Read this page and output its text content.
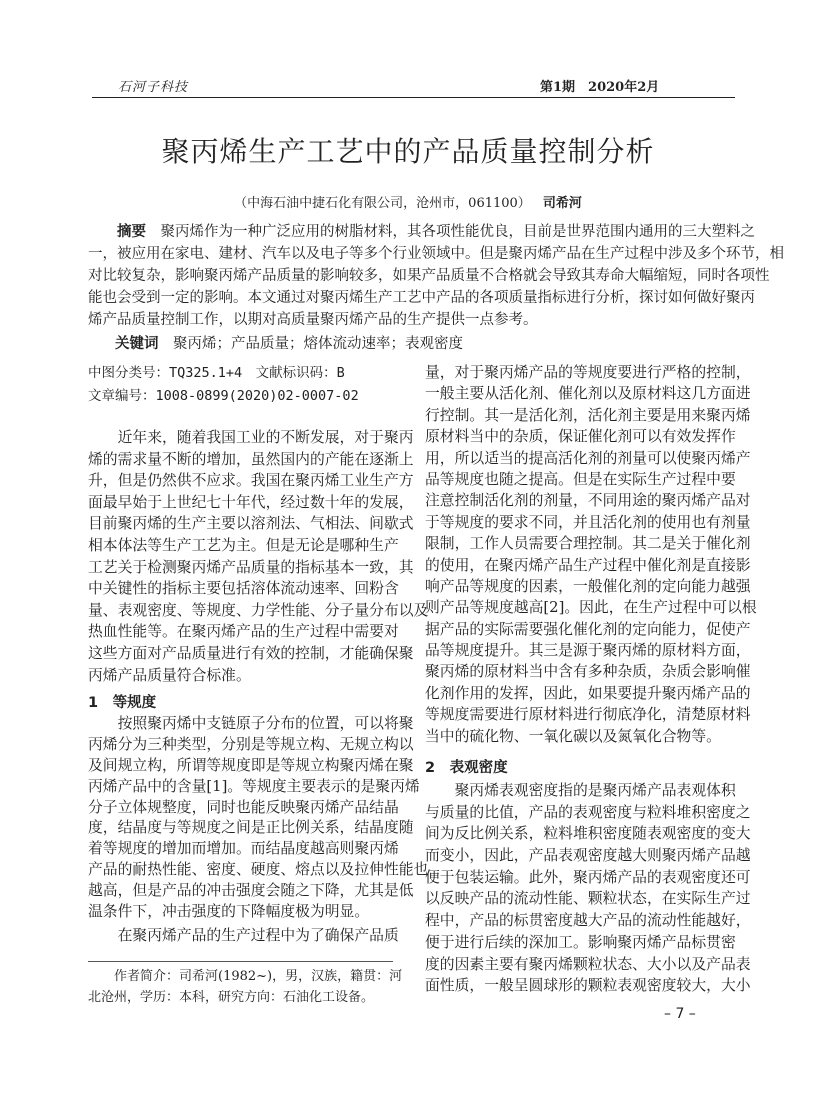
石河子科技	第1期　2020年2月
聚丙烯生产工艺中的产品质量控制分析
（中海石油中捷石化有限公司，沧州市，061100） 司希河
摘要 聚丙烯作为一种广泛应用的树脂材料，其各项性能优良，目前是世界范围内通用的三大塑料之
一，被应用在家电、建材、汽车以及电子等多个行业领域中。但是聚丙烯产品在生产过程中涉及多个环节，相
对比较复杂，影响聚丙烯产品质量的影响较多，如果产品质量不合格就会导致其寿命大幅缩短，同时各项性
能也会受到一定的影响。本文通过对聚丙烯生产工艺中产品的各项质量指标进行分析，探讨如何做好聚丙
烯产品质量控制工作，以期对高质量聚丙烯产品的生产提供一点参考。
关键词 聚丙烯；产品质量；熔体流动速率；表观密度
中图分类号：TQ325.1+4　文献标识码：B
文章编号：1008-0899(2020)02-0007-02
近年来，随着我国工业的不断发展，对于聚丙
烯的需求量不断的增加，虽然国内的产能在逐渐上
升，但是仍然供不应求。我国在聚丙烯工业生产方
面最早始于上世纪七十年代，经过数十年的发展，
目前聚丙烯的生产主要以溶剂法、气相法、间歇式
相本体法等生产工艺为主。但是无论是哪种生产
工艺关于检测聚丙烯产品质量的指标基本一致，其
中关键性的指标主要包括溶体流动速率、回粉含
量、表观密度、等规度、力学性能、分子量分布以及
热血性能等。在聚丙烯产品的生产过程中需要对
这些方面对产品质量进行有效的控制，才能确保聚
丙烯产品质量符合标准。
1　等规度
按照聚丙烯中支链原子分布的位置，可以将聚
丙烯分为三种类型，分别是等规立构、无规立构以
及间规立构，所谓等规度即是等规立构聚丙烯在聚
丙烯产品中的含量[1]。等规度主要表示的是聚丙烯
分子立体规整度，同时也能反映聚丙烯产品结晶
度，结晶度与等规度之间是正比例关系，结晶度随
着等规度的增加而增加。而结晶度越高则聚丙烯
产品的耐热性能、密度、硬度、熔点以及拉伸性能也
越高，但是产品的冲击强度会随之下降，尤其是低
温条件下，冲击强度的下降幅度极为明显。
在聚丙烯产品的生产过程中为了确保产品质
作者简介：司希河(1982~)，男，汉族，籍贯：河
北沧州，学历：本科，研究方向：石油化工设备。
量，对于聚丙烯产品的等规度要进行严格的控制，
一般主要从活化剂、催化剂以及原材料这几方面进
行控制。其一是活化剂，活化剂主要是用来聚丙烯
原材料当中的杂质，保证催化剂可以有效发挥作
用，所以适当的提高活化剂的剂量可以使聚丙烯产
品等规度也随之提高。但是在实际生产过程中要
注意控制活化剂的剂量，不同用途的聚丙烯产品对
于等规度的要求不同，并且活化剂的使用也有剂量
限制，工作人员需要合理控制。其二是关于催化剂
的使用，在聚丙烯产品生产过程中催化剂是直接影
响产品等规度的因素，一般催化剂的定向能力越强
则产品等规度越高[2]。因此，在生产过程中可以根
据产品的实际需要强化催化剂的定向能力，促使产
品等规度提升。其三是源于聚丙烯的原材料方面，
聚丙烯的原材料当中含有多种杂质，杂质会影响催
化剂作用的发挥，因此，如果要提升聚丙烯产品的
等规度需要进行原材料进行彻底净化，清楚原材料
当中的硫化物、一氧化碳以及氮氧化合物等。
2　表观密度
聚丙烯表观密度指的是聚丙烯产品表观体积
与质量的比值，产品的表观密度与粒料堆积密度之
间为反比例关系，粒料堆积密度随表观密度的变大
而变小，因此，产品表观密度越大则聚丙烯产品越
便于包装运输。此外，聚丙烯产品的表观密度还可
以反映产品的流动性能、颗粒状态，在实际生产过
程中，产品的标贯密度越大产品的流动性能越好，
便于进行后续的深加工。影响聚丙烯产品标贯密
度的因素主要有聚丙烯颗粒状态、大小以及产品表
面性质，一般呈圆球形的颗粒表观密度较大，大小
– 7 –
